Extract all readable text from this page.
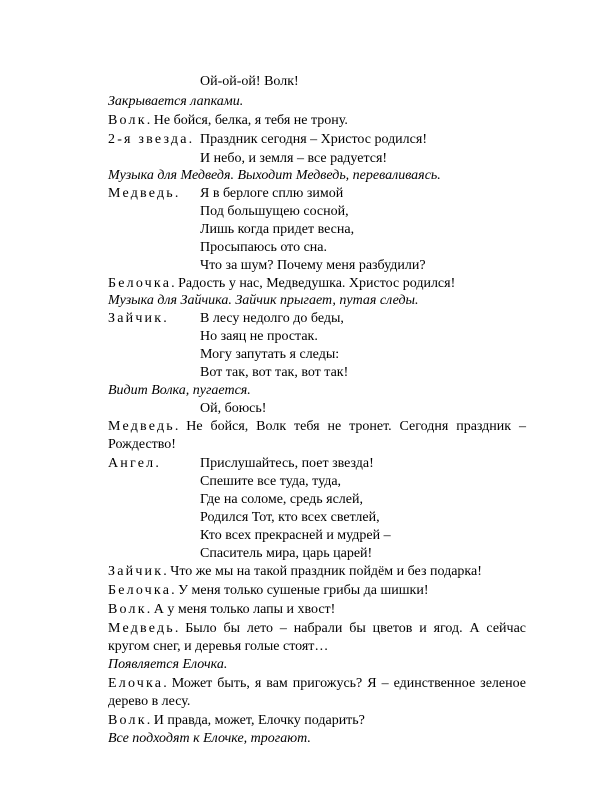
Ой-ой-ой! Волк!
Закрывается лапками.
Волк. Не бойся, белка, я тебя не трону.
2-я звезда. Праздник сегодня – Христос родился!
И небо, и земля – все радуется!
Музыка для Медведя. Выходит Медведь, переваливаясь.
Медведь. Я в берлоге сплю зимой
Под большущею сосной,
Лишь когда придет весна,
Просыпаюсь ото сна.
Что за шум? Почему меня разбудили?
Белочка. Радость у нас, Медведушка. Христос родился!
Музыка для Зайчика. Зайчик прыгает, путая следы.
Зайчик. В лесу недолго до беды,
Но заяц не простак.
Могу запутать я следы:
Вот так, вот так, вот так!
Видит Волка, пугается.
Ой, боюсь!
Медведь. Не бойся, Волк тебя не тронет. Сегодня праздник –
Рождество!
Ангел.	Прислушайтесь, поет звезда!
Спешите все туда, туда,
Где на соломе, средь яслей,
Родился Тот, кто всех светлей,
Кто всех прекрасней и мудрей –
Спаситель мира, царь царей!
Зайчик. Что же мы на такой праздник пойдём и без подарка!
Белочка. У меня только сушеные грибы да шишки!
Волк. А у меня только лапы и хвост!
Медведь. Было бы лето – набрали бы цветов и ягод. А сейчас
кругом снег, и деревья голые стоят…
Появляется Елочка.
Елочка. Может быть, я вам пригожусь? Я – единственное зеленое
дерево в лесу.
Волк. И правда, может, Елочку подарить?
Все подходят к Елочке, трогают.
